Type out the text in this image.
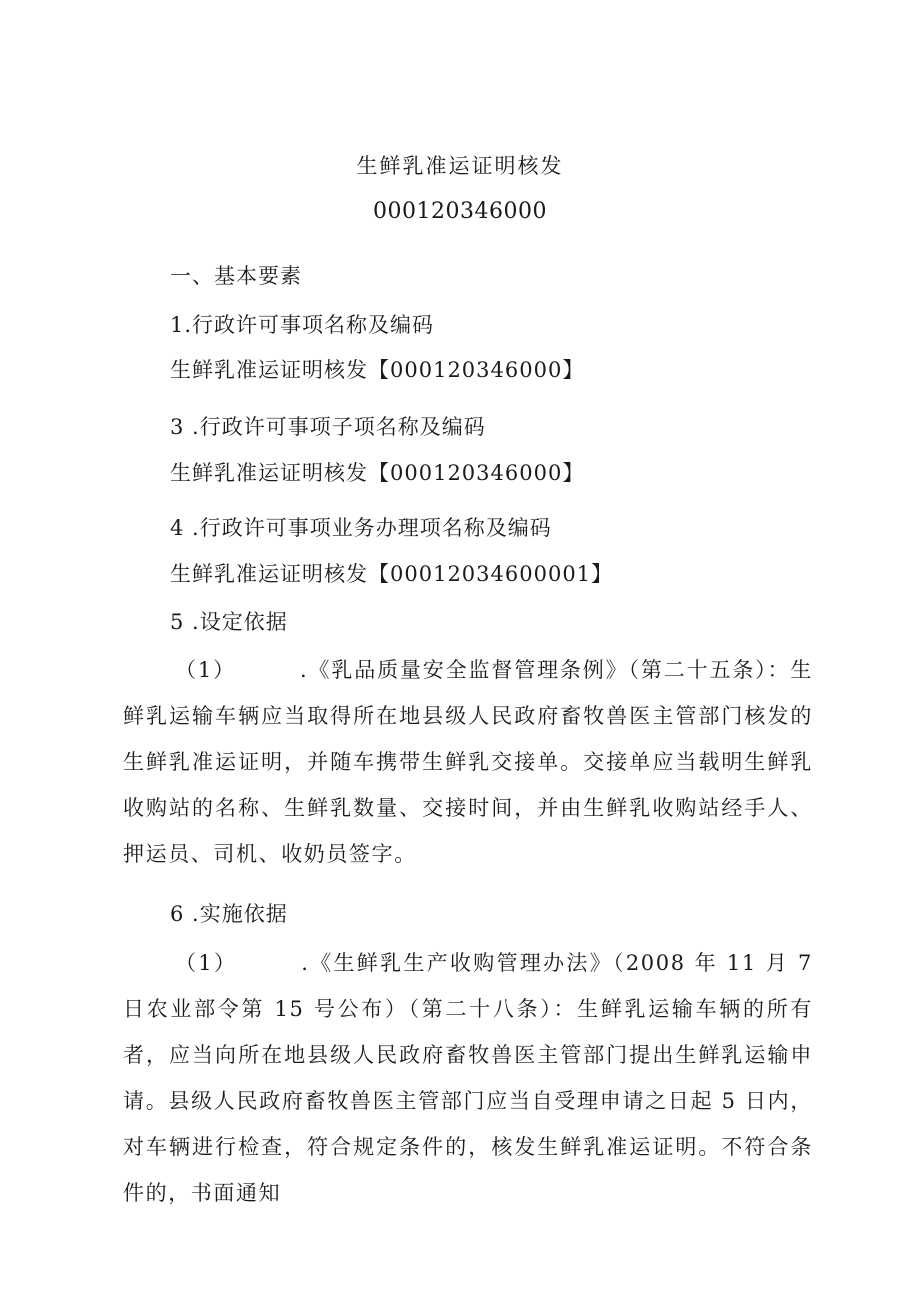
生鲜乳准运证明核发
000120346000
一、基本要素
1.行政许可事项名称及编码
生鲜乳准运证明核发【000120346000】
3 .行政许可事项子项名称及编码
生鲜乳准运证明核发【000120346000】
4 .行政许可事项业务办理项名称及编码
生鲜乳准运证明核发【00012034600001】
5 .设定依据
（1）	.《乳品质量安全监督管理条例》（第二十五条）：生鲜乳运输车辆应当取得所在地县级人民政府畜牧兽医主管部门核发的生鲜乳准运证明，并随车携带生鲜乳交接单。交接单应当载明生鲜乳收购站的名称、生鲜乳数量、交接时间，并由生鲜乳收购站经手人、押运员、司机、收奶员签字。
6 .实施依据
（1）	.《生鲜乳生产收购管理办法》（2008 年 11 月 7 日农业部令第 15 号公布）（第二十八条）：生鲜乳运输车辆的所有者，应当向所在地县级人民政府畜牧兽医主管部门提出生鲜乳运输申请。县级人民政府畜牧兽医主管部门应当自受理申请之日起 5 日内，对车辆进行检查，符合规定条件的，核发生鲜乳准运证明。不符合条件的，书面通知
